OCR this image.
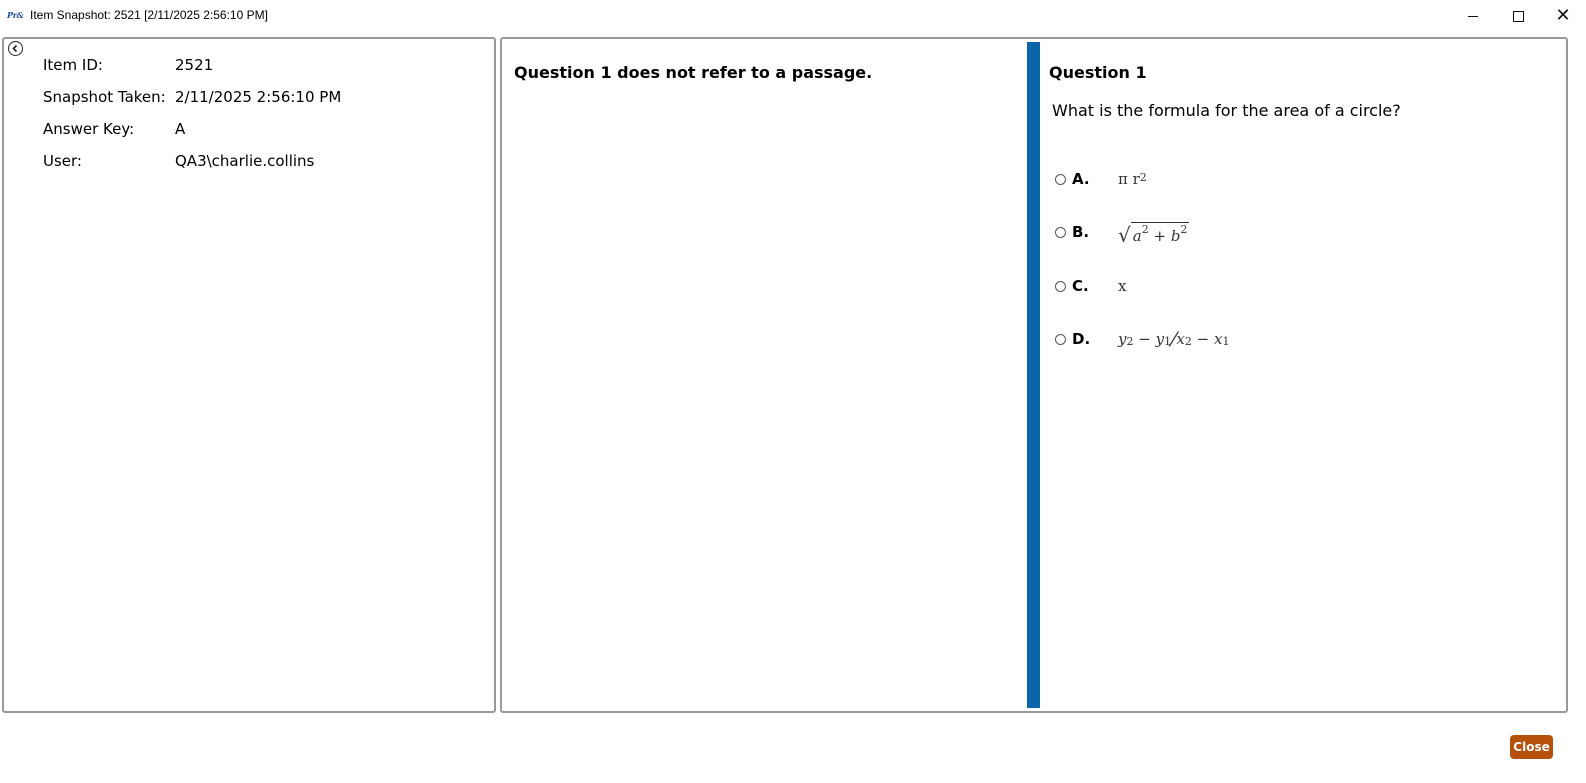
Pr& Item Snapshot: 2521 [2/11/2025 2:56:10 PM]	✕
Item ID:	2521
Snapshot Taken: 2/11/2025 2:56:10 PM
Answer Key:	A
User:	QA3\charlie.collins
Question 1 does not refer to a passage.	Question 1
What is the formula for the area of a circle?
A.	π $r^2$
B.	√ $a^2 + b^2$
C.	x
D.	$y_2 - y_1$ ⁄ $x_2 - x_1$
Close
